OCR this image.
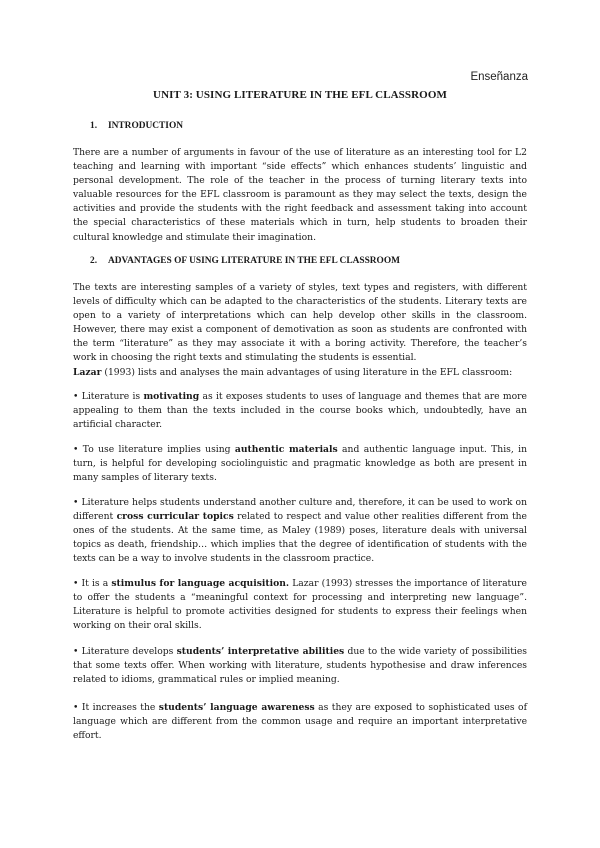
Enseñanza
UNIT 3: USING LITERATURE IN THE EFL CLASSROOM
1. INTRODUCTION

There are a number of arguments in favour of the use of literature as an interesting tool for L2 teaching and learning with important “side effects” which enhances students’ linguistic and personal development. The role of the teacher in the process of turning literary texts into valuable resources for the EFL classroom is paramount as they may select the texts, design the activities and provide the students with the right feedback and assessment taking into account the special characteristics of these materials which in turn, help students to broaden their cultural knowledge and stimulate their imagination.

2. ADVANTAGES OF USING LITERATURE IN THE EFL CLASSROOM

The texts are interesting samples of a variety of styles, text types and registers, with different levels of difficulty which can be adapted to the characteristics of the students. Literary texts are open to a variety of interpretations which can help develop other skills in the classroom. However, there may exist a component of demotivation as soon as students are confronted with the term “literature” as they may associate it with a boring activity. Therefore, the teacher’s work in choosing the right texts and stimulating the students is essential.
Lazar (1993) lists and analyses the main advantages of using literature in the EFL classroom:

• Literature is motivating as it exposes students to uses of language and themes that are more appealing to them than the texts included in the course books which, undoubtedly, have an artificial character.

• To use literature implies using authentic materials and authentic language input. This, in turn, is helpful for developing sociolinguistic and pragmatic knowledge as both are present in many samples of literary texts.

• Literature helps students understand another culture and, therefore, it can be used to work on different cross curricular topics related to respect and value other realities different from the ones of the students. At the same time, as Maley (1989) poses, literature deals with universal topics as death, friendship… which implies that the degree of identification of students with the texts can be a way to involve students in the classroom practice.

• It is a stimulus for language acquisition. Lazar (1993) stresses the importance of literature to offer the students a “meaningful context for processing and interpreting new language”. Literature is helpful to promote activities designed for students to express their feelings when working on their oral skills.

• Literature develops students’ interpretative abilities due to the wide variety of possibilities that some texts offer. When working with literature, students hypothesise and draw inferences related to idioms, grammatical rules or implied meaning.

• It increases the students’ language awareness as they are exposed to sophisticated uses of language which are different from the common usage and require an important interpretative effort.
